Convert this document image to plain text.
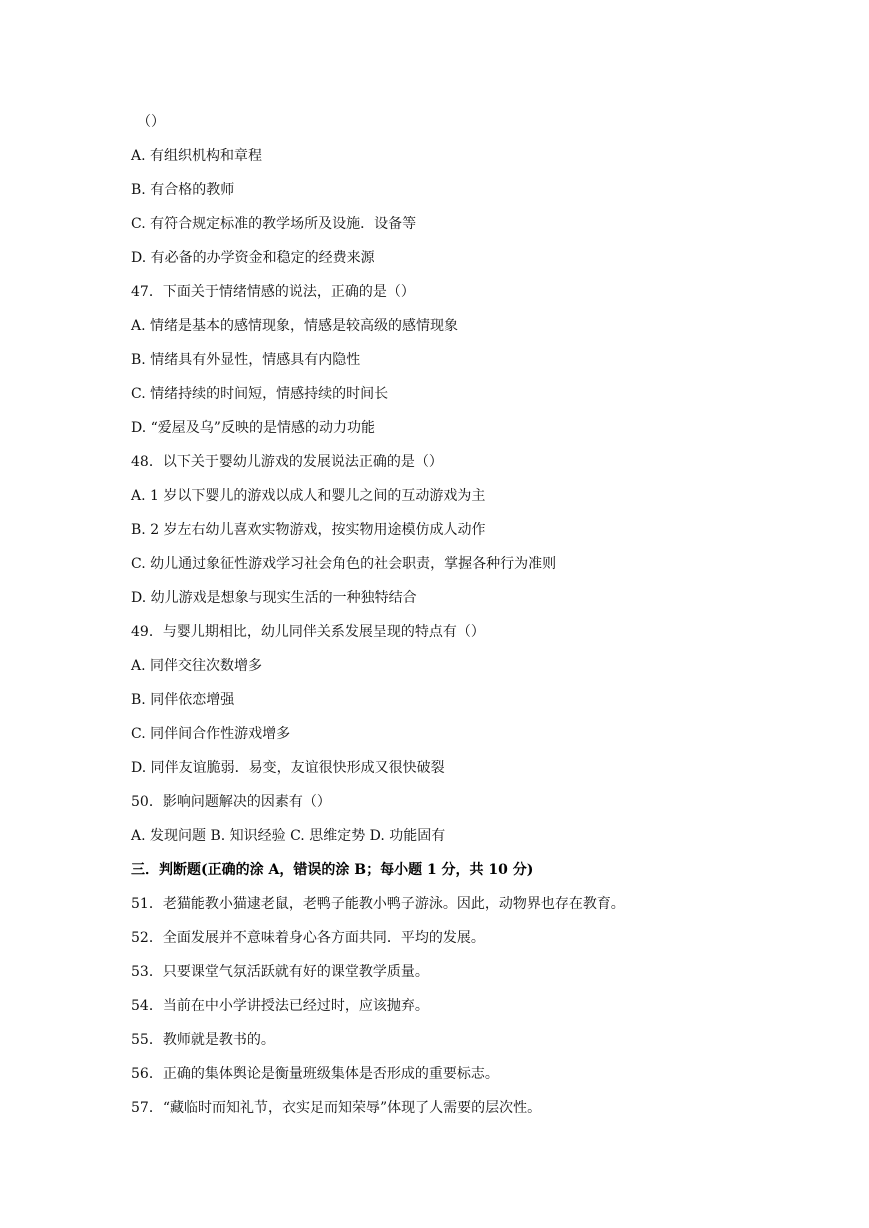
（）
A. 有组织机构和章程
B. 有合格的教师
C. 有符合规定标准的教学场所及设施．设备等
D. 有必备的办学资金和稳定的经费来源
47．下面关于情绪情感的说法，正确的是（）
A. 情绪是基本的感情现象，情感是较高级的感情现象
B. 情绪具有外显性，情感具有内隐性
C. 情绪持续的时间短，情感持续的时间长
D. “爱屋及乌”反映的是情感的动力功能
48．以下关于婴幼儿游戏的发展说法正确的是（）
A. 1 岁以下婴儿的游戏以成人和婴儿之间的互动游戏为主
B. 2 岁左右幼儿喜欢实物游戏，按实物用途模仿成人动作
C. 幼儿通过象征性游戏学习社会角色的社会职责，掌握各种行为准则
D. 幼儿游戏是想象与现实生活的一种独特结合
49．与婴儿期相比，幼儿同伴关系发展呈现的特点有（）
A. 同伴交往次数增多
B. 同伴依恋增强
C. 同伴间合作性游戏增多
D. 同伴友谊脆弱．易变，友谊很快形成又很快破裂
50．影响问题解决的因素有（）
A. 发现问题 B. 知识经验 C. 思维定势 D. 功能固有
三．判断题(正确的涂 A，错误的涂 B；每小题 1 分，共 10 分)
51．老猫能教小猫逮老鼠，老鸭子能教小鸭子游泳。因此，动物界也存在教育。
52．全面发展并不意味着身心各方面共同．平均的发展。
53．只要课堂气氛活跃就有好的课堂教学质量。
54．当前在中小学讲授法已经过时，应该抛弃。
55．教师就是教书的。
56．正确的集体舆论是衡量班级集体是否形成的重要标志。
57．“藏临时而知礼节，衣实足而知荣辱”体现了人需要的层次性。
